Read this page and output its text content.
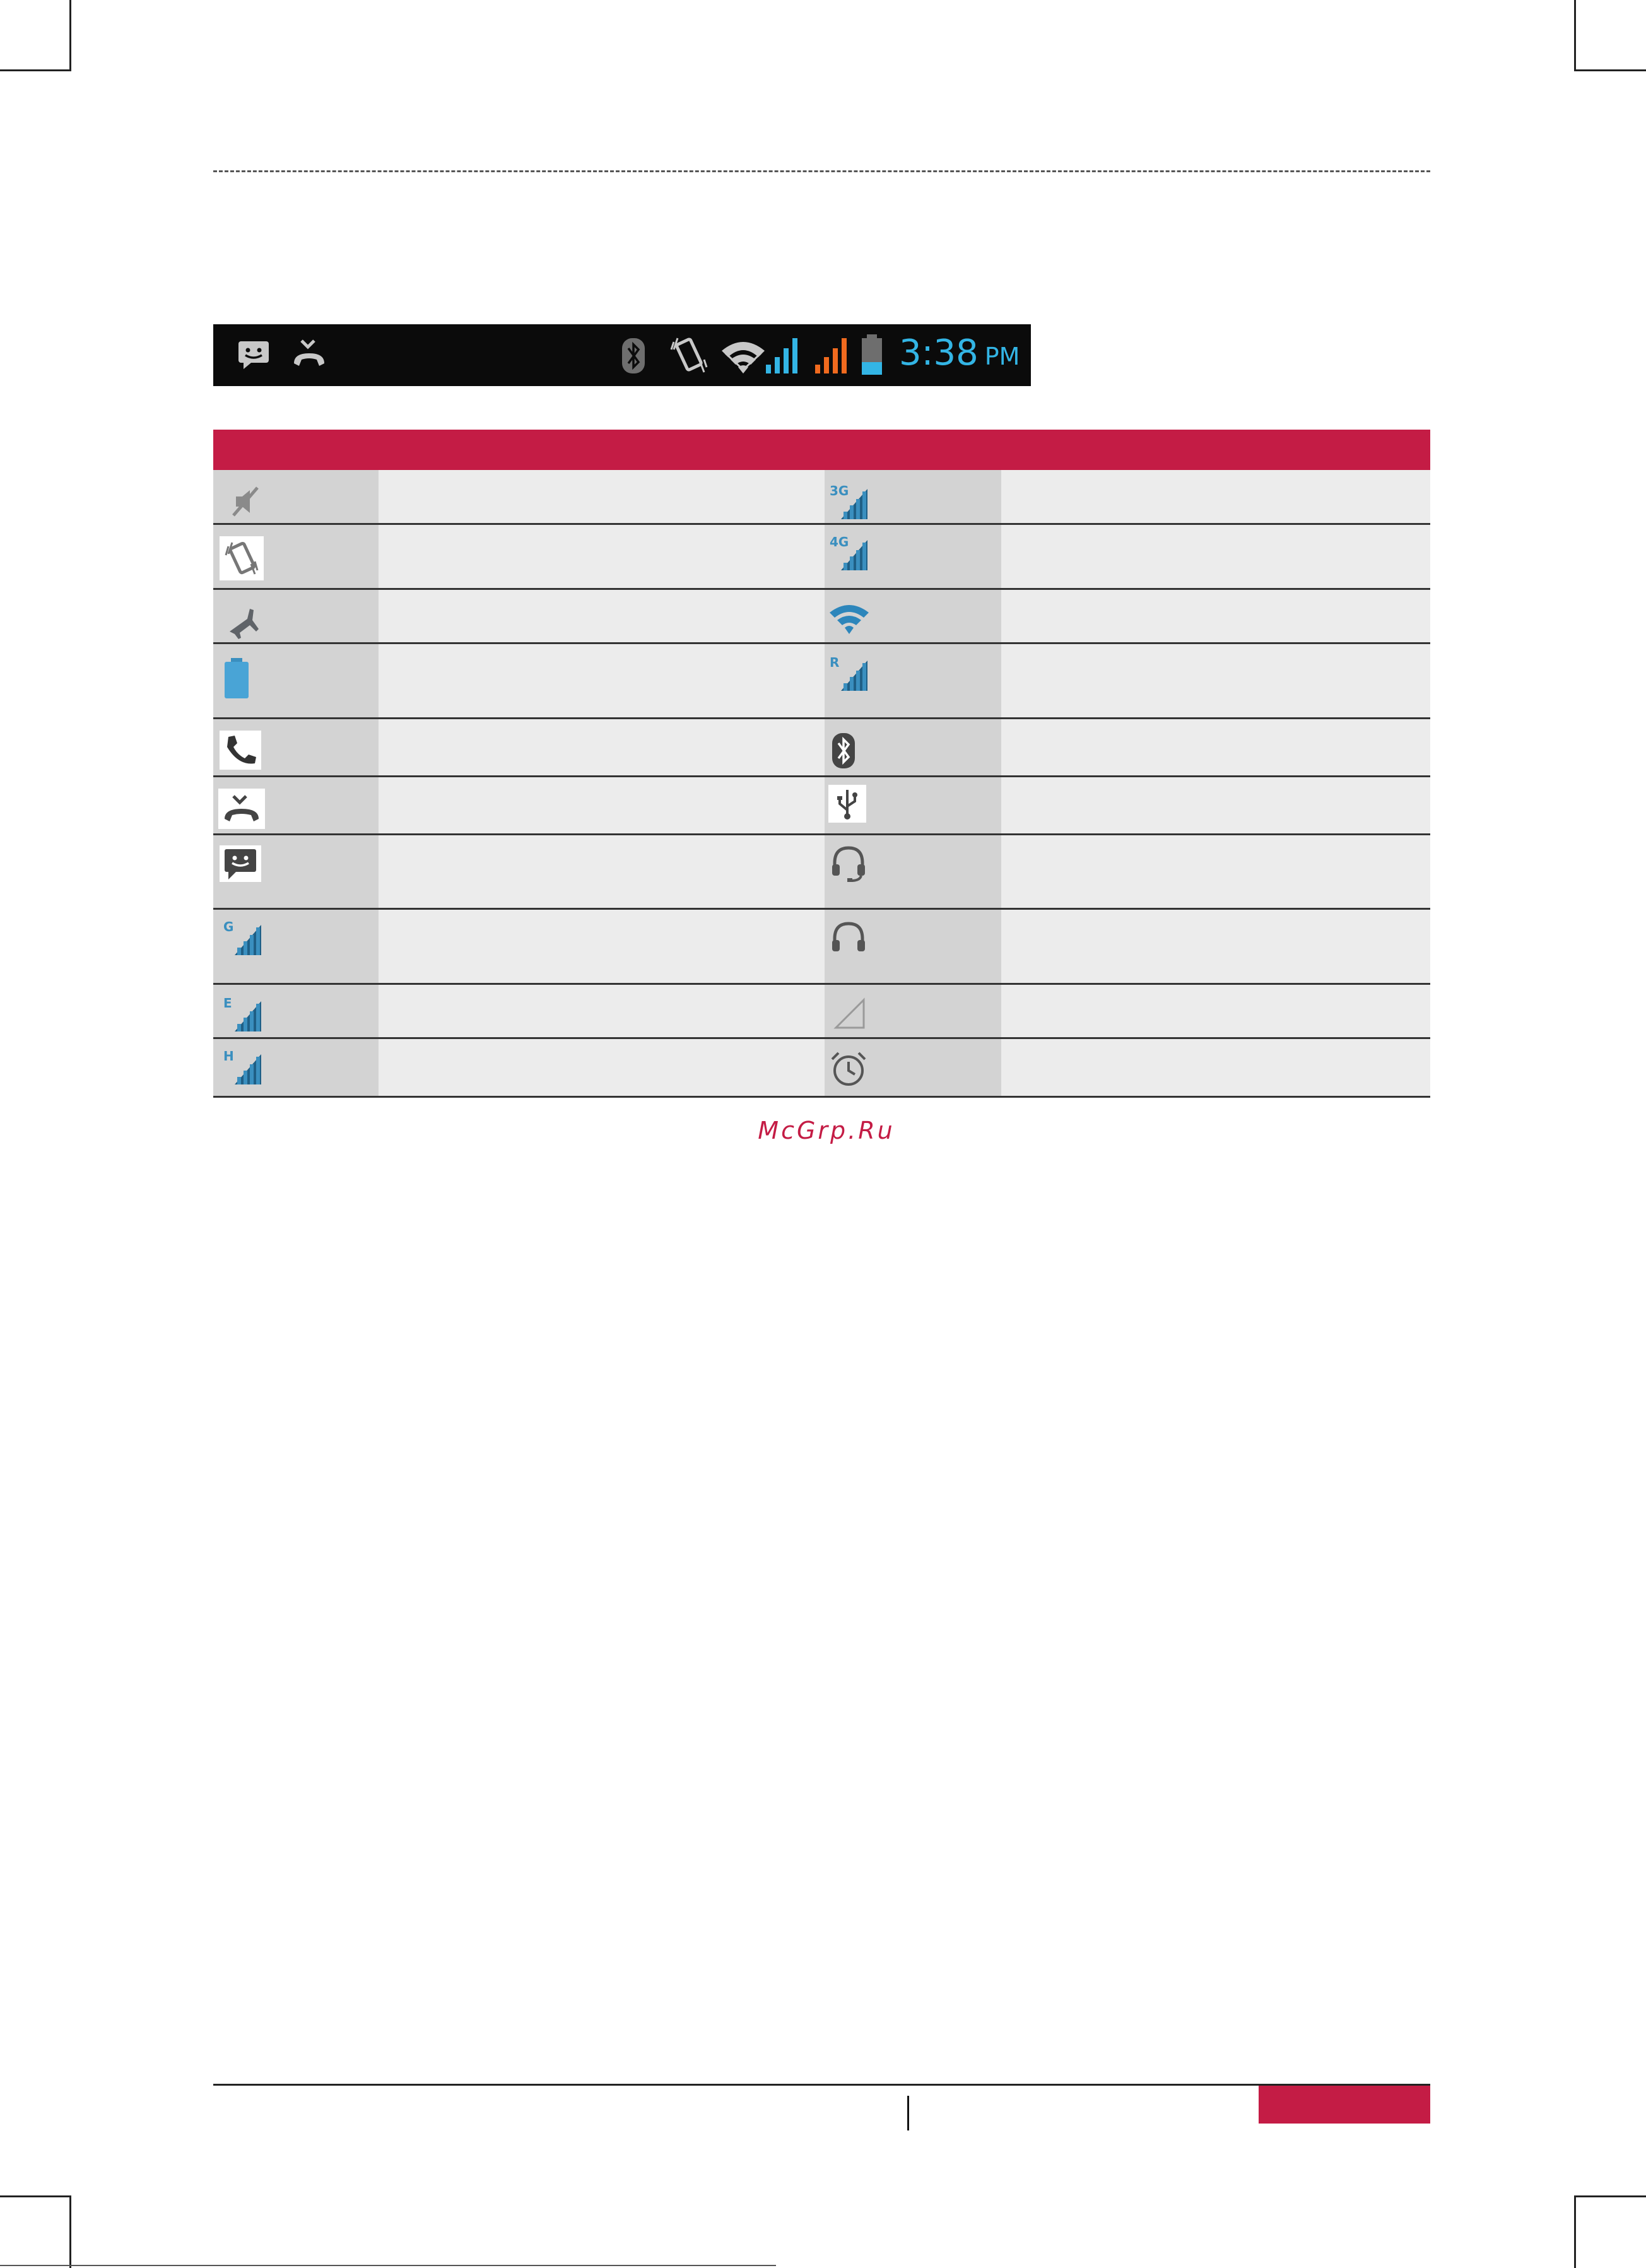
3:38 PM
3G
4G
R
G
E
H
McGrp.Ru
